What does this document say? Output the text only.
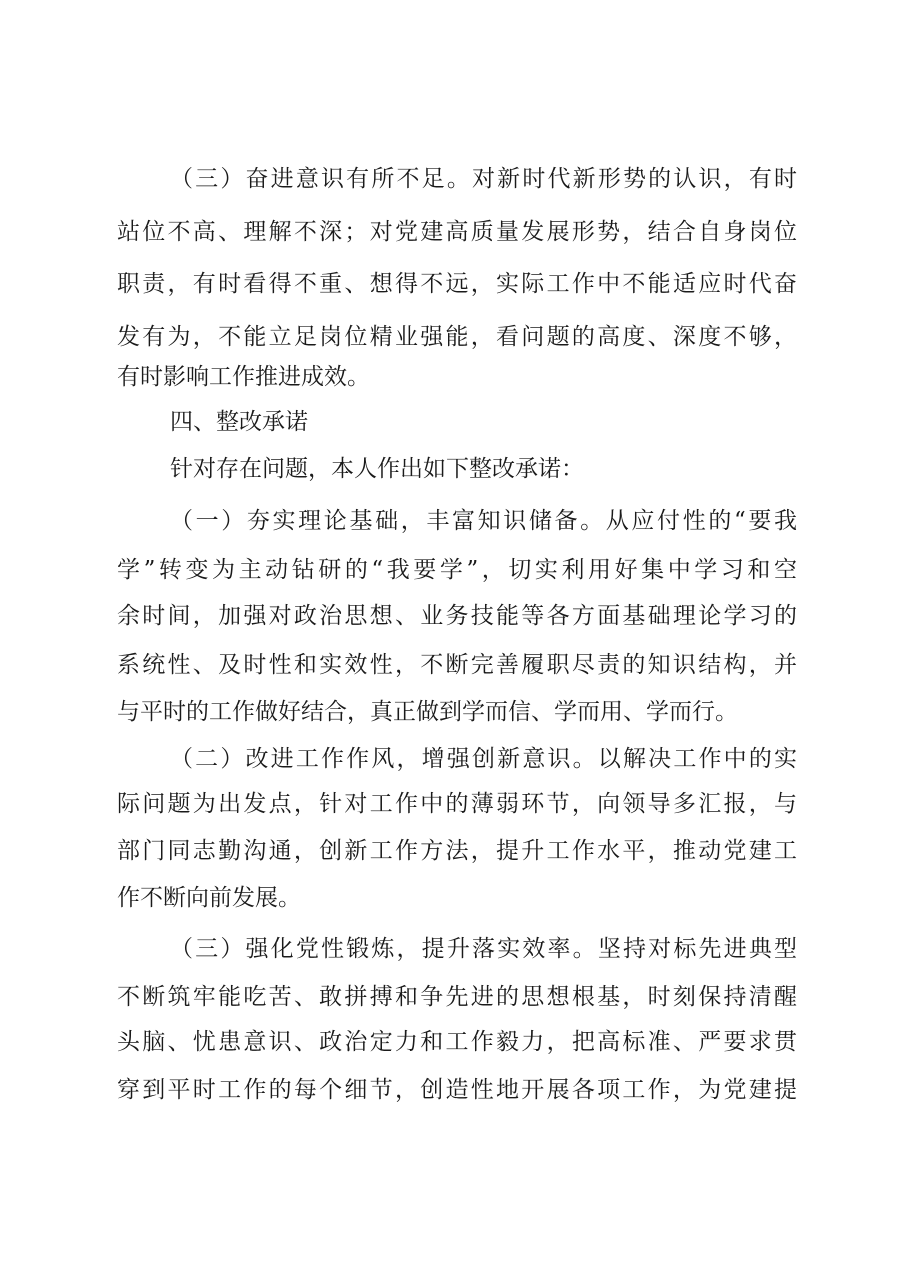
（三）奋进意识有所不足。对新时代新形势的认识，有时
站位不高、理解不深；对党建高质量发展形势，结合自身岗位
职责，有时看得不重、想得不远，实际工作中不能适应时代奋
发有为，不能立足岗位精业强能，看问题的高度、深度不够，
有时影响工作推进成效。
四、整改承诺
针对存在问题，本人作出如下整改承诺：
（一）夯实理论基础，丰富知识储备。从应付性的“要我
学”转变为主动钻研的“我要学”，切实利用好集中学习和空
余时间，加强对政治思想、业务技能等各方面基础理论学习的
系统性、及时性和实效性，不断完善履职尽责的知识结构，并
与平时的工作做好结合，真正做到学而信、学而用、学而行。
（二）改进工作作风，增强创新意识。以解决工作中的实
际问题为出发点，针对工作中的薄弱环节，向领导多汇报，与
部门同志勤沟通，创新工作方法，提升工作水平，推动党建工
作不断向前发展。
（三）强化党性锻炼，提升落实效率。坚持对标先进典型
不断筑牢能吃苦、敢拼搏和争先进的思想根基，时刻保持清醒
头脑、忧患意识、政治定力和工作毅力，把高标准、严要求贯
穿到平时工作的每个细节，创造性地开展各项工作，为党建提
